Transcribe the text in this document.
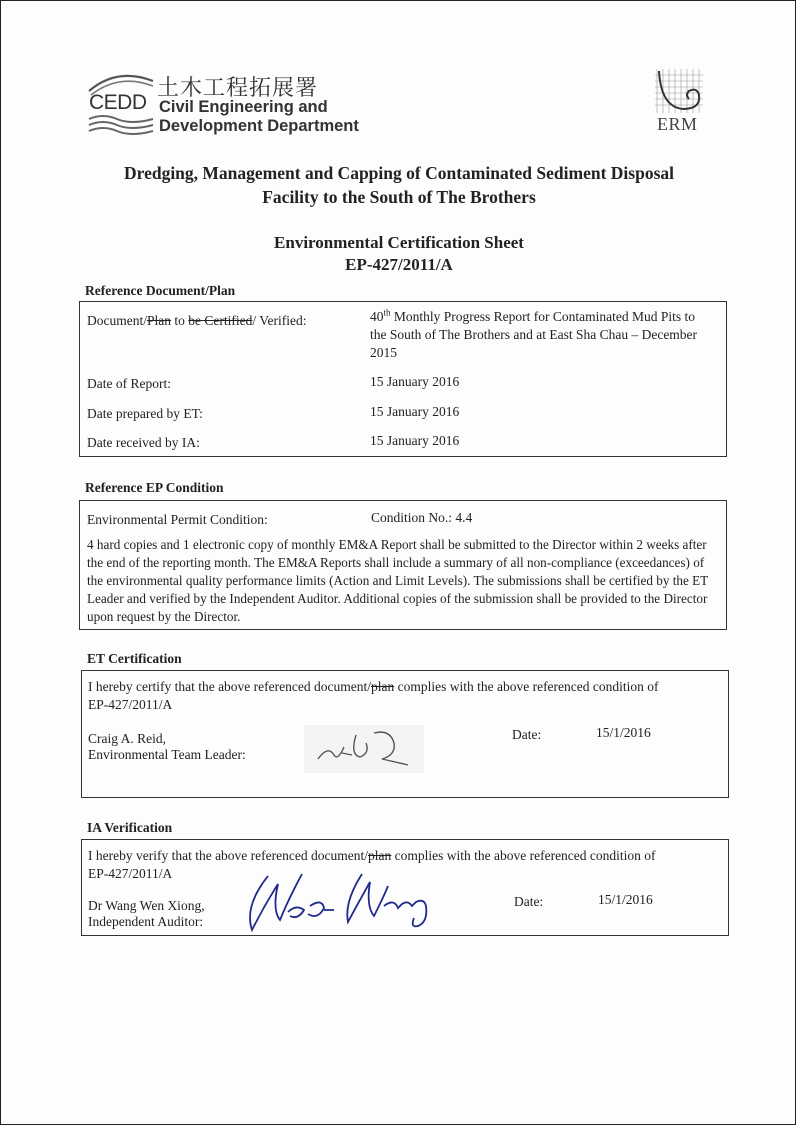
CEDD
土木工程拓展署
Civil Engineering and
Development Department	ERM
Dredging, Management and Capping of Contaminated Sediment Disposal
Facility to the South of The Brothers
Environmental Certification Sheet
EP-427/2011/A
Reference Document/Plan
Document/Plan to be Certified/ Verified:	40th Monthly Progress Report for Contaminated Mud Pits to
the South of The Brothers and at East Sha Chau – December
2015
Date of Report:	15 January 2016
Date prepared by ET:	15 January 2016
Date received by IA:	15 January 2016
Reference EP Condition
Environmental Permit Condition:	Condition No.: 4.4
4 hard copies and 1 electronic copy of monthly EM&A Report shall be submitted to the Director within 2 weeks after the end of the reporting month. The EM&A Reports shall include a summary of all non-compliance (exceedances) of the environmental quality performance limits (Action and Limit Levels). The submissions shall be certified by the ET Leader and verified by the Independent Auditor. Additional copies of the submission shall be provided to the Director upon request by the Director.
ET Certification
I hereby certify that the above referenced document/plan complies with the above referenced condition of
EP-427/2011/A
Craig A. Reid,
Environmental Team Leader:
Date:	15/1/2016
IA Verification
I hereby verify that the above referenced document/plan complies with the above referenced condition of
EP-427/2011/A
Dr Wang Wen Xiong,
Independent Auditor:
Date:	15/1/2016
